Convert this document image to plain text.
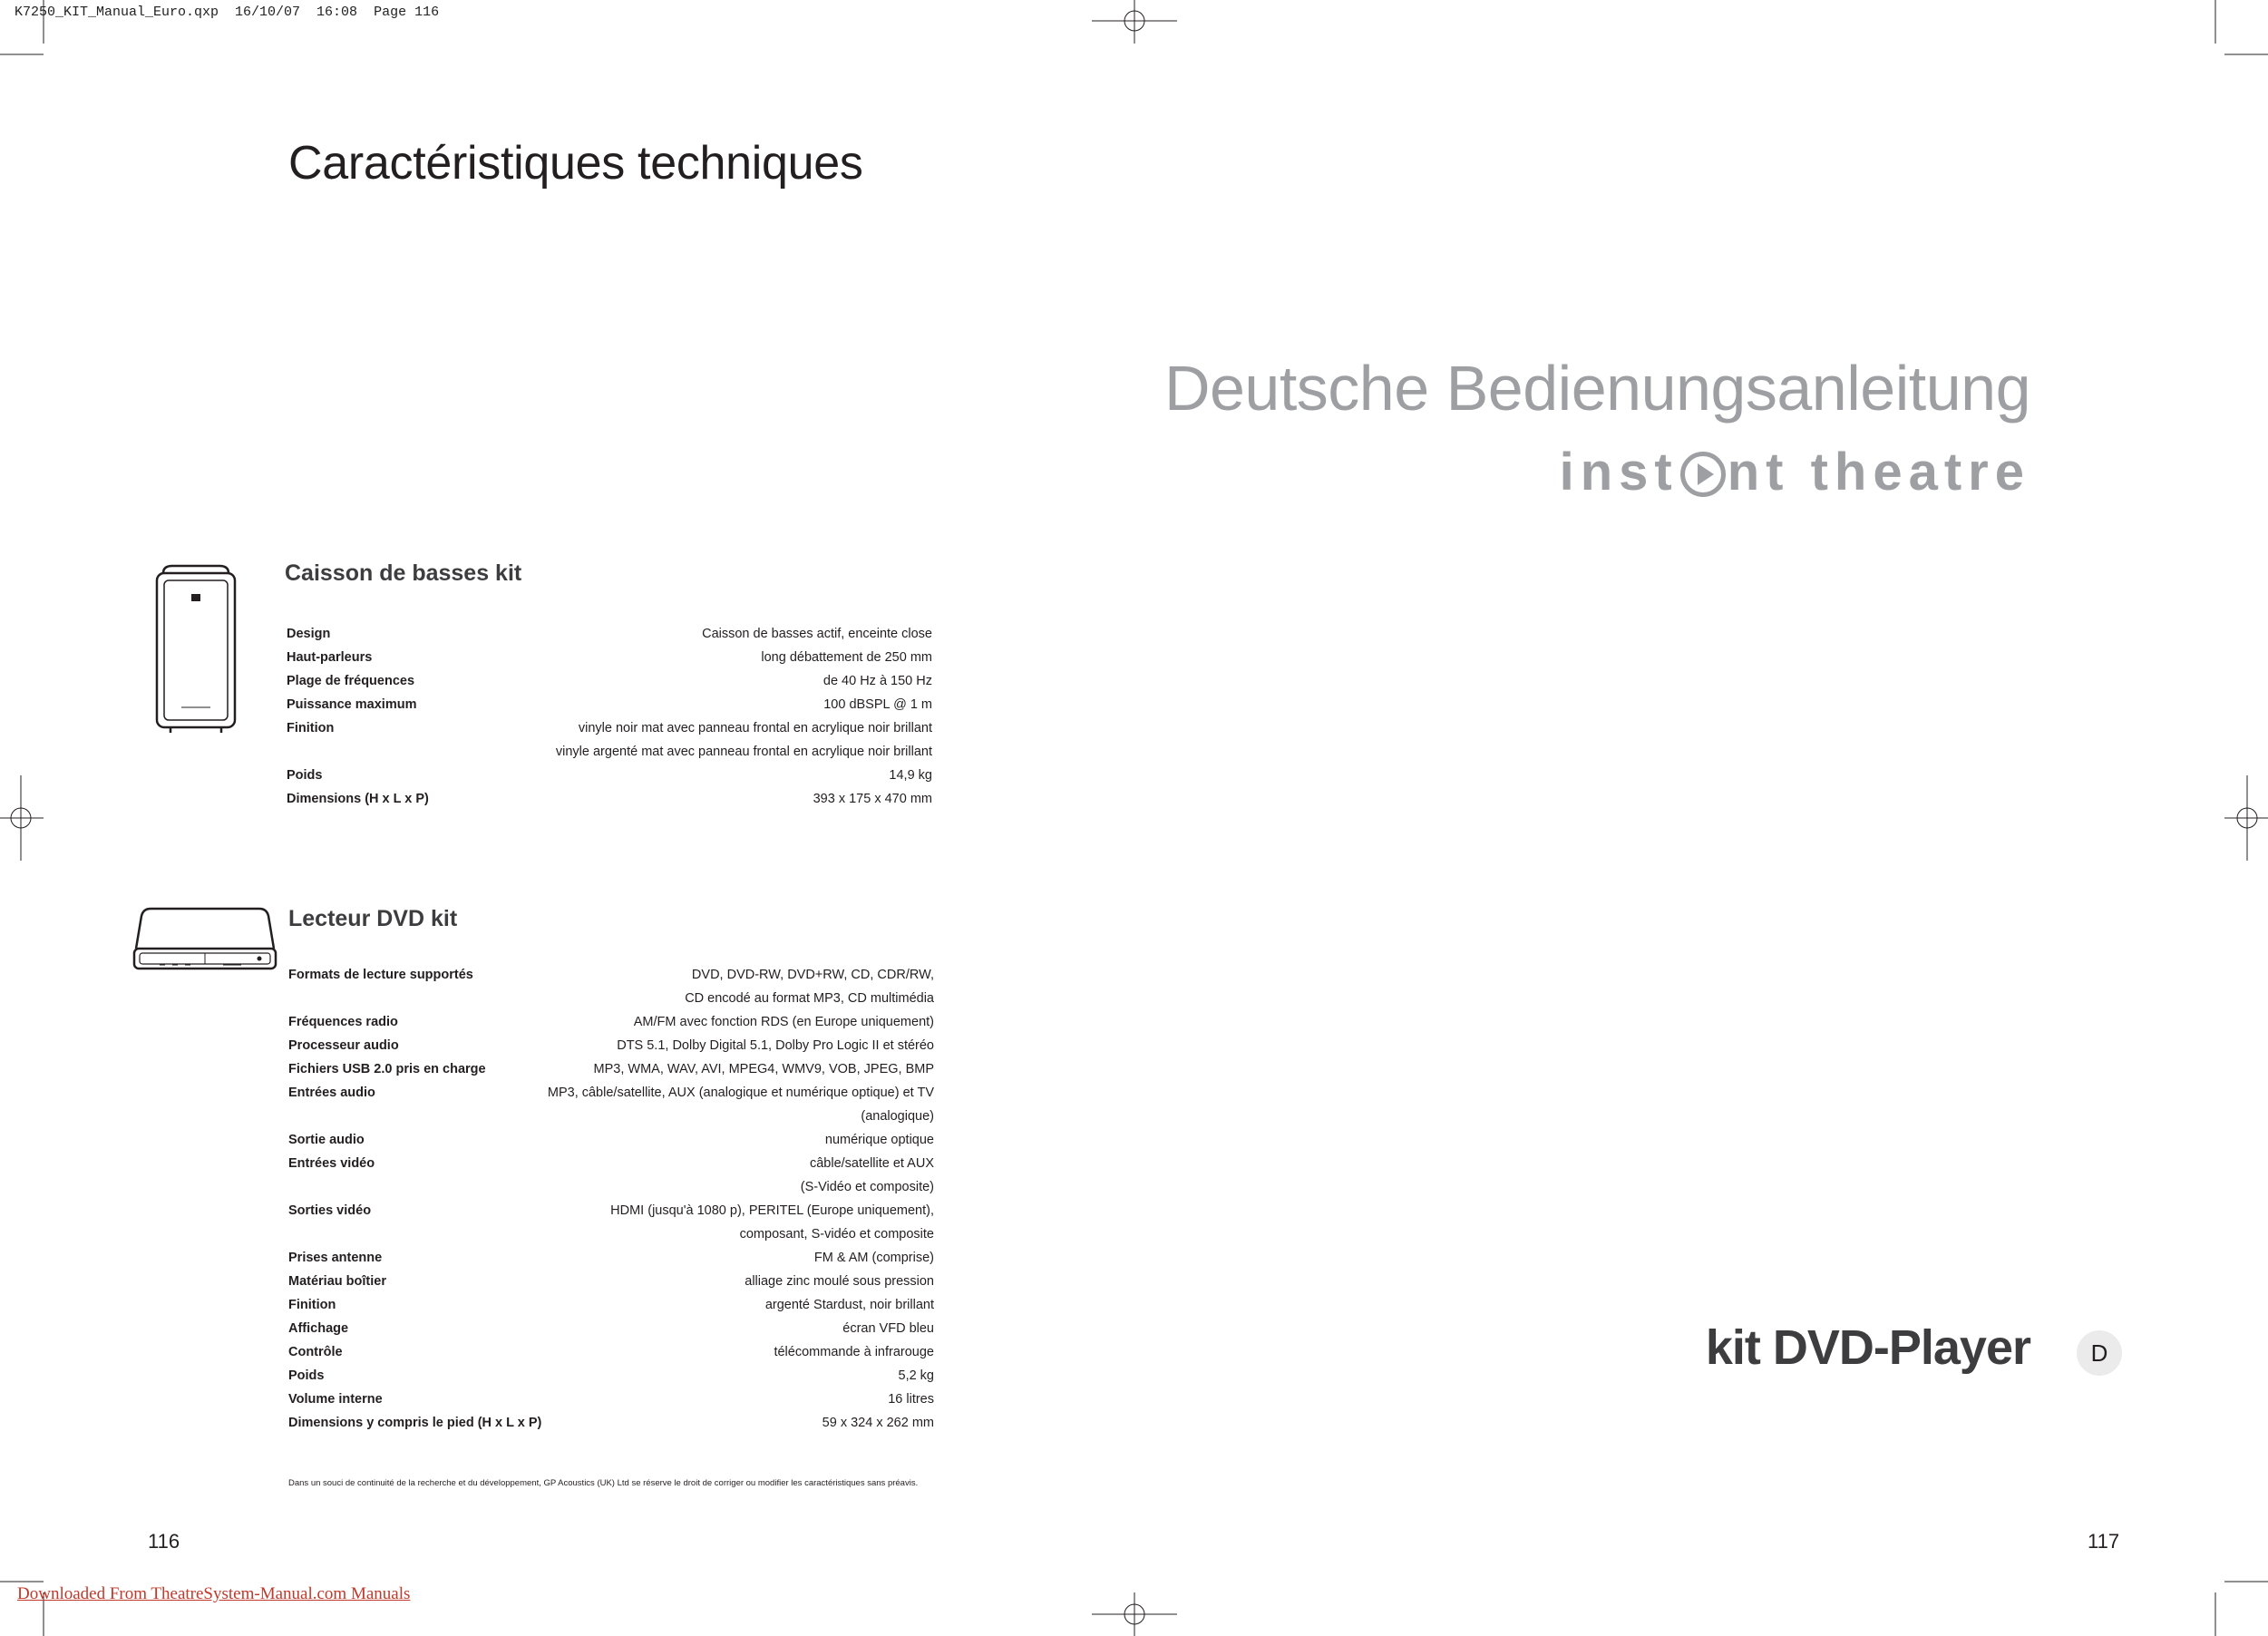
K7250_KIT_Manual_Euro.qxp  16/10/07  16:08  Page 116
Caractéristiques techniques
Deutsche Bedienungsanleitung
inst nt theatre
Caisson de basses kit
Design	Caisson de basses actif, enceinte close
Haut-parleurs	long débattement de 250 mm
Plage de fréquences	de 40 Hz à 150 Hz
Puissance maximum	100 dBSPL @ 1 m
Finition	vinyle noir mat avec panneau frontal en acrylique noir brillant
vinyle argenté mat avec panneau frontal en acrylique noir brillant
Poids	14,9 kg
Dimensions (H x L x P)	393 x 175 x 470 mm
Lecteur DVD kit
Formats de lecture supportés	DVD, DVD-RW, DVD+RW, CD, CDR/RW,
CD encodé au format MP3, CD multimédia
Fréquences radio	AM/FM avec fonction RDS (en Europe uniquement)
Processeur audio	DTS 5.1, Dolby Digital 5.1, Dolby Pro Logic II et stéréo
Fichiers USB 2.0 pris en charge	MP3, WMA, WAV, AVI, MPEG4, WMV9, VOB, JPEG, BMP
Entrées audio	MP3, câble/satellite, AUX (analogique et numérique optique) et TV
(analogique)
Sortie audio	numérique optique
Entrées vidéo	câble/satellite et AUX
(S-Vidéo et composite)
Sorties vidéo	HDMI (jusqu'à 1080 p), PERITEL (Europe uniquement),
composant, S-vidéo et composite
Prises antenne	FM & AM (comprise)
Matériau boîtier	alliage zinc moulé sous pression
Finition	argenté Stardust, noir brillant
Affichage	écran VFD bleu
Contrôle	télécommande à infrarouge
Poids	5,2 kg
Volume interne	16 litres
Dimensions y compris le pied (H x L x P)	59 x 324 x 262 mm
Dans un souci de continuité de la recherche et du développement, GP Acoustics (UK) Ltd se réserve le droit de corriger ou modifier les caractéristiques sans préavis.
116	117
kit DVD-Player	D
Downloaded From TheatreSystem-Manual.com Manuals
